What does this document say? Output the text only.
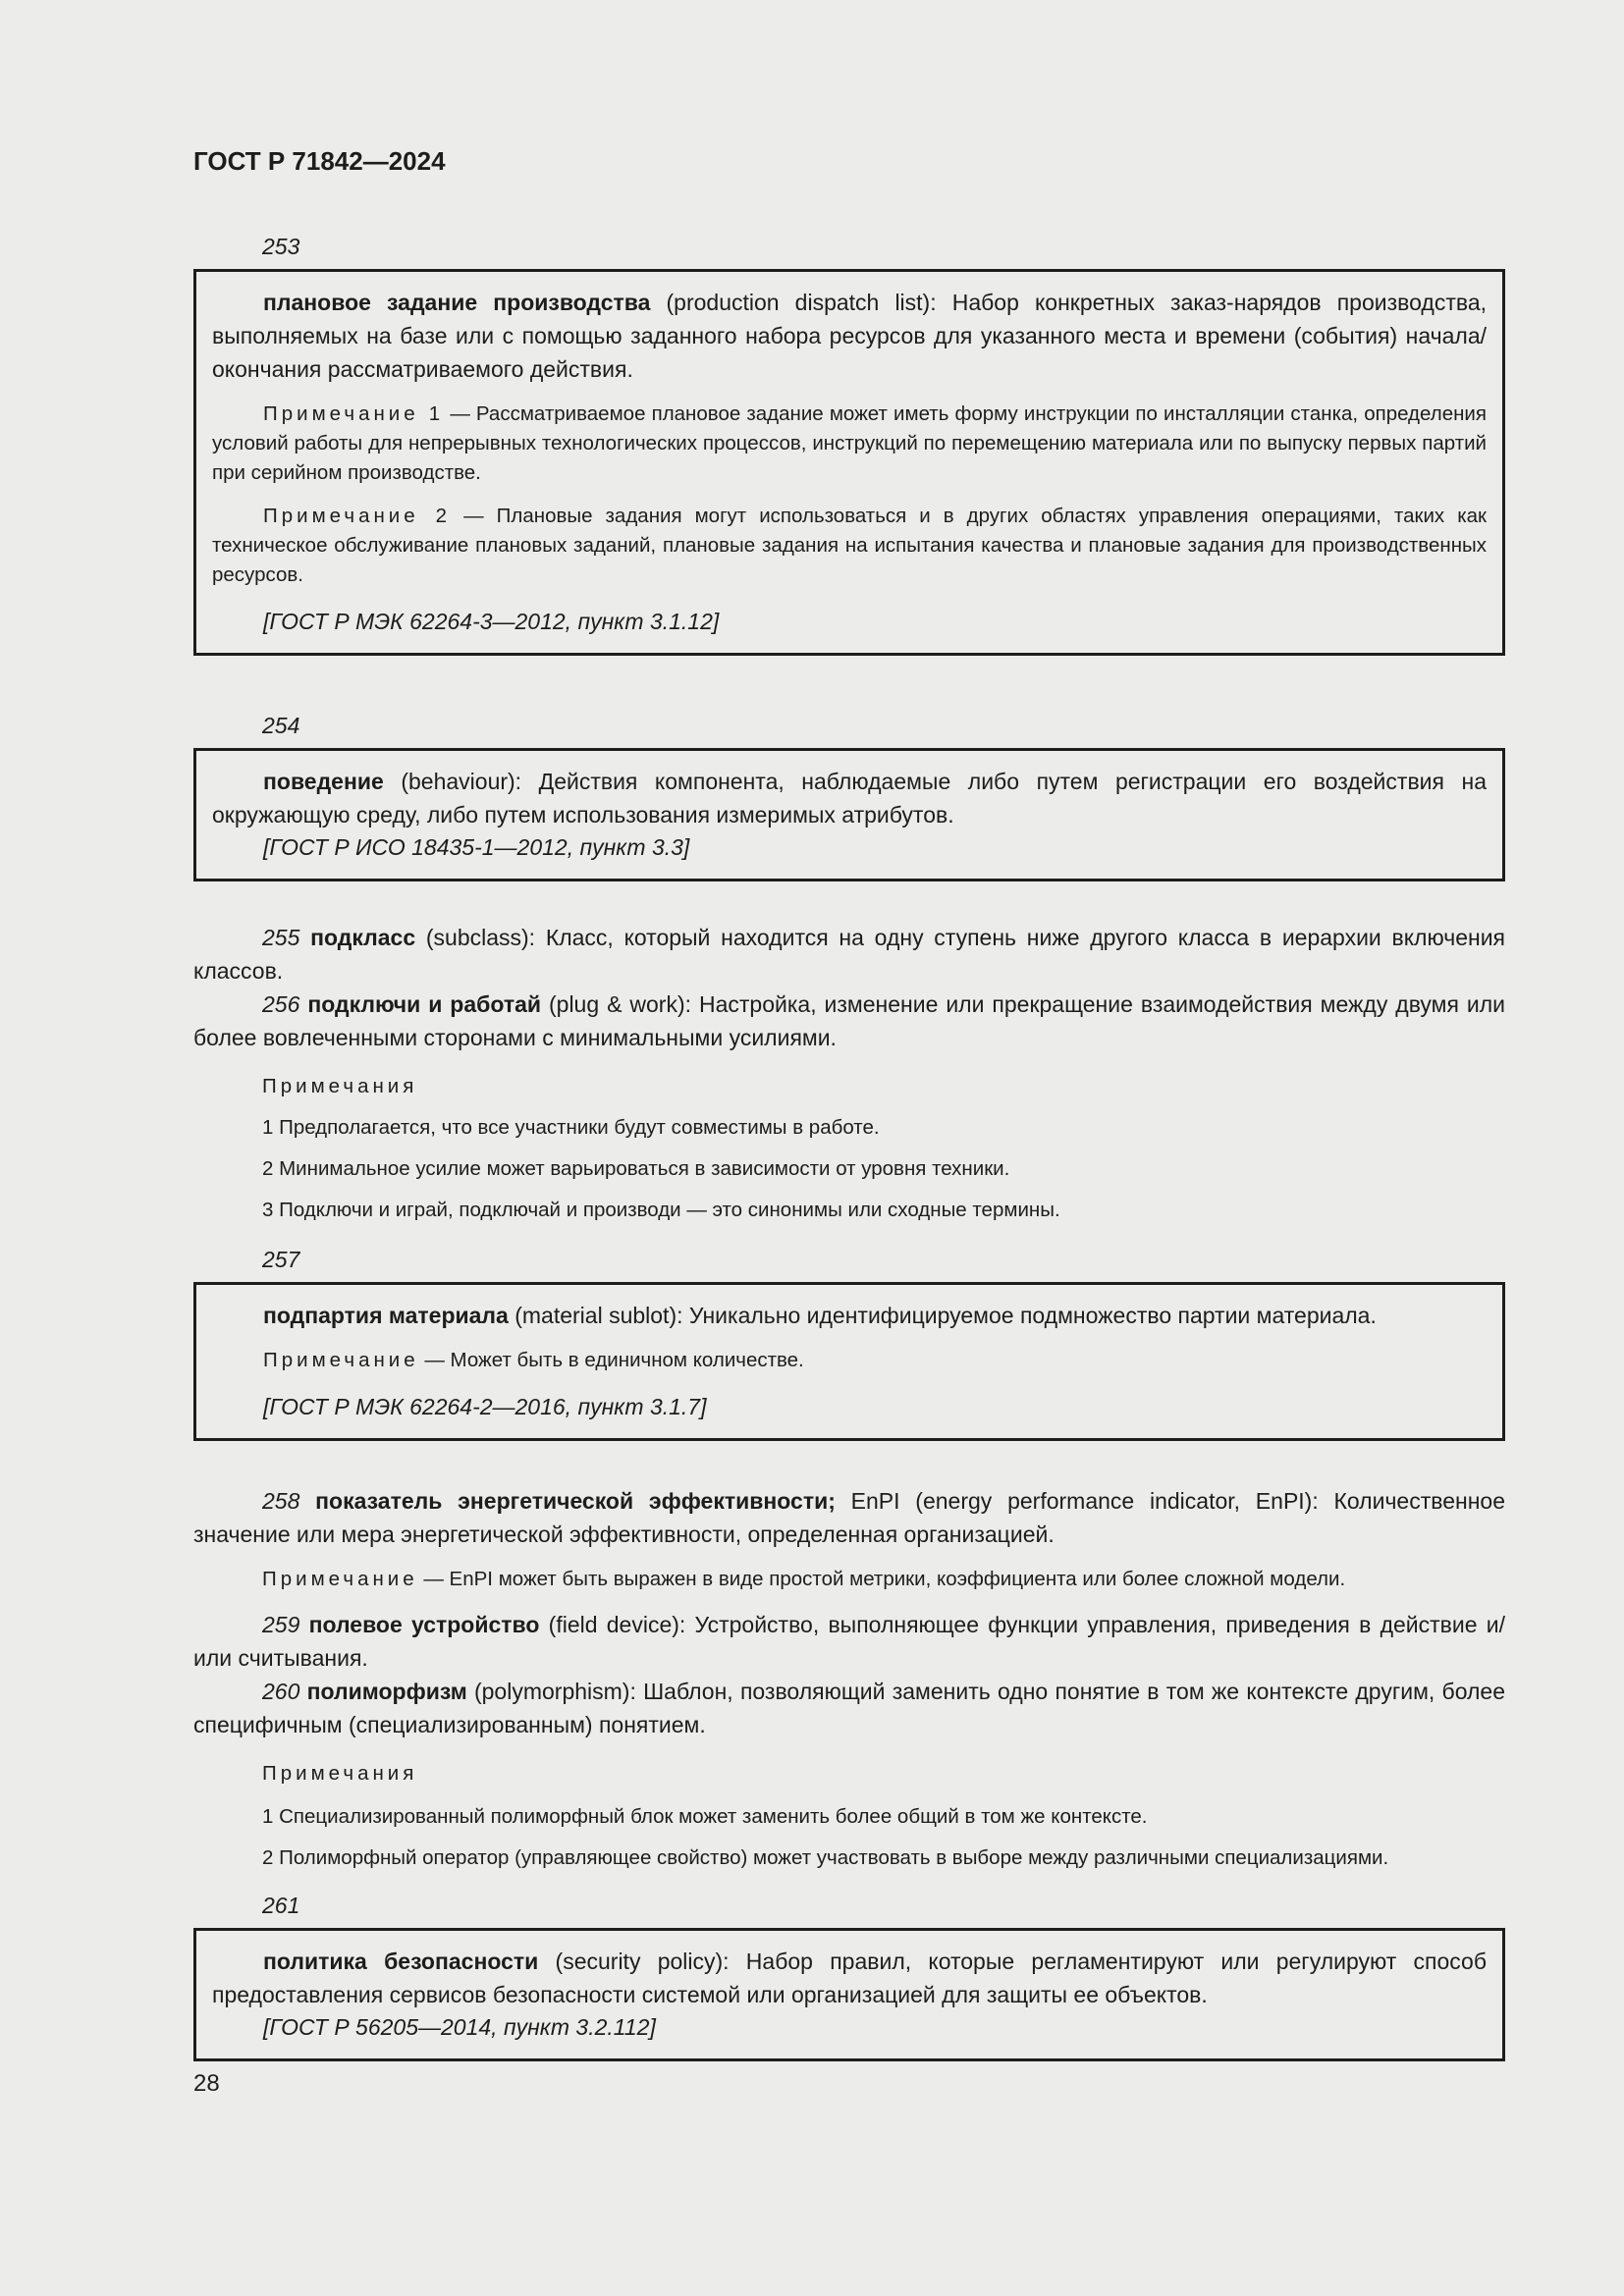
ГОСТ Р 71842—2024
253

плановое задание производства (production dispatch list): Набор конкретных заказ-нарядов производства, выполняемых на базе или с помощью заданного набора ресурсов для указанного места и времени (события) начала/окончания рассматриваемого действия.

Примечание 1 — Рассматриваемое плановое задание может иметь форму инструкции по инсталляции станка, определения условий работы для непрерывных технологических процессов, инструкций по перемещению материала или по выпуску первых партий при серийном производстве.

Примечание 2 — Плановые задания могут использоваться и в других областях управления операциями, таких как техническое обслуживание плановых заданий, плановые задания на испытания качества и плановые задания для производственных ресурсов.

[ГОСТ Р МЭК 62264-3—2012, пункт 3.1.12]

254

поведение (behaviour): Действия компонента, наблюдаемые либо путем регистрации его воздействия на окружающую среду, либо путем использования измеримых атрибутов.

[ГОСТ Р ИСО 18435-1—2012, пункт 3.3]

255 подкласс (subclass): Класс, который находится на одну ступень ниже другого класса в иерархии включения классов.

256 подключи и работай (plug & work): Настройка, изменение или прекращение взаимодействия между двумя или более вовлеченными сторонами с минимальными усилиями.

Примечания

1 Предполагается, что все участники будут совместимы в работе.

2 Минимальное усилие может варьироваться в зависимости от уровня техники.

3 Подключи и играй, подключай и производи — это синонимы или сходные термины.

257

подпартия материала (material sublot): Уникально идентифицируемое подмножество партии материала.

Примечание — Может быть в единичном количестве.

[ГОСТ Р МЭК 62264-2—2016, пункт 3.1.7]

258 показатель энергетической эффективности; EnPI (energy performance indicator, EnPI): Количественное значение или мера энергетической эффективности, определенная организацией.

Примечание — EnPI может быть выражен в виде простой метрики, коэффициента или более сложной модели.

259 полевое устройство (field device): Устройство, выполняющее функции управления, приведения в действие и/или считывания.

260 полиморфизм (polymorphism): Шаблон, позволяющий заменить одно понятие в том же контексте другим, более специфичным (специализированным) понятием.

Примечания

1 Специализированный полиморфный блок может заменить более общий в том же контексте.

2 Полиморфный оператор (управляющее свойство) может участвовать в выборе между различными специализациями.

261

политика безопасности (security policy): Набор правил, которые регламентируют или регулируют способ предоставления сервисов безопасности системой или организацией для защиты ее объектов.

[ГОСТ Р 56205—2014, пункт 3.2.112]

28
